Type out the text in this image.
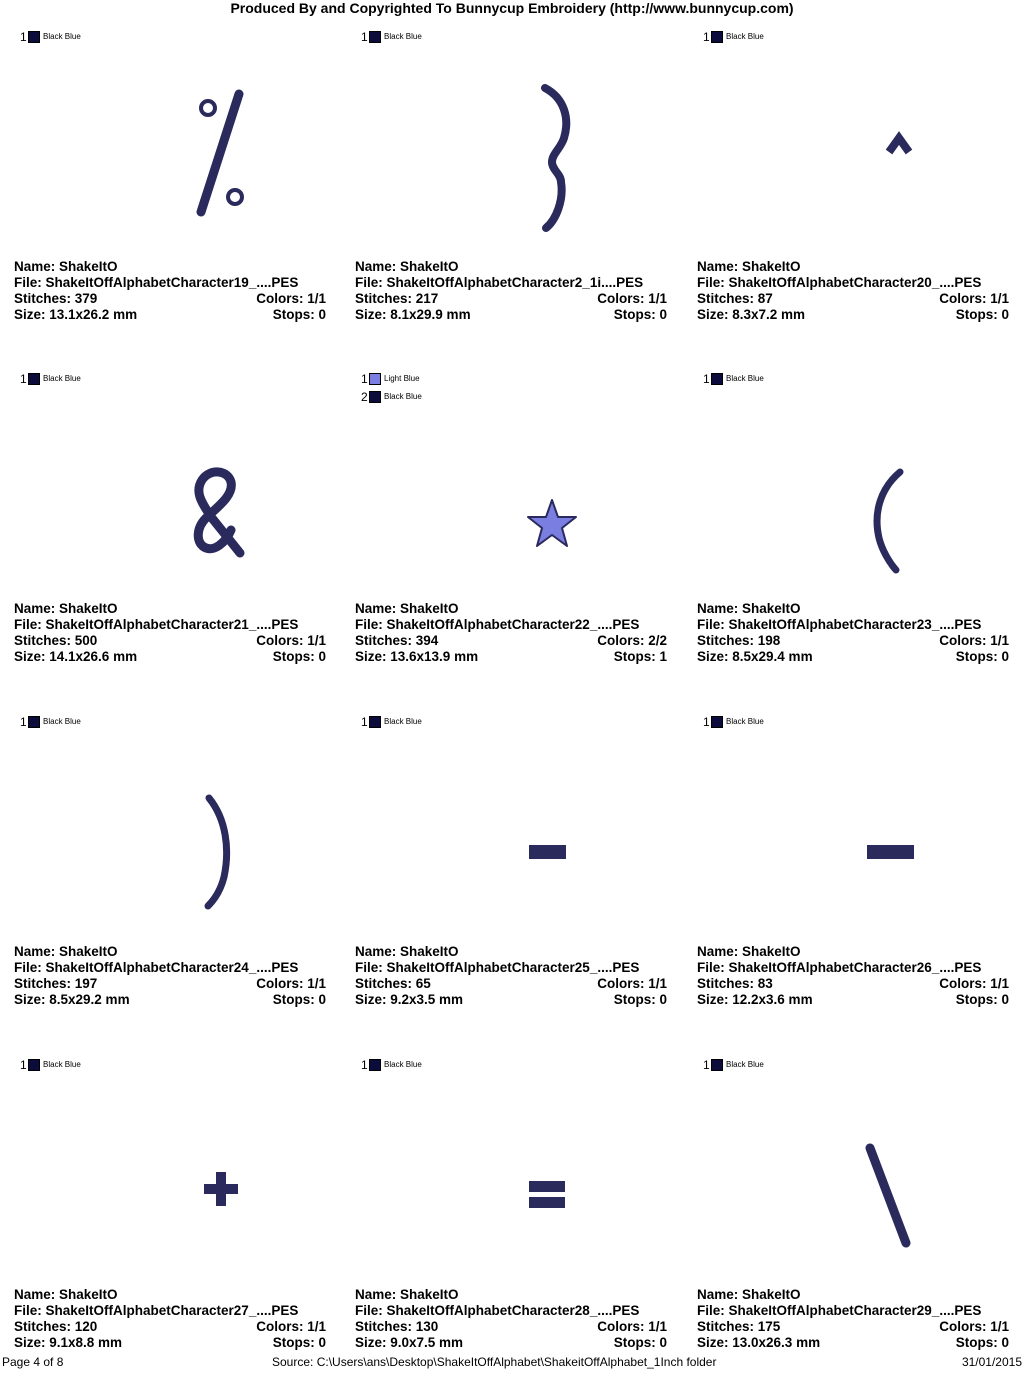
Produced By and Copyrighted To Bunnycup Embroidery (http://www.bunnycup.com)
1 Black Blue
Name: ShakeItO
File: ShakeItOffAlphabetCharacter19_....PES
Stitches: 379	Colors: 1/1
Size: 13.1x26.2 mm	Stops: 0
1 Black Blue
Name: ShakeItO
File: ShakeItOffAlphabetCharacter2_1i....PES
Stitches: 217	Colors: 1/1
Size: 8.1x29.9 mm	Stops: 0
1 Black Blue
Name: ShakeItO
File: ShakeItOffAlphabetCharacter20_....PES
Stitches: 87	Colors: 1/1
Size: 8.3x7.2 mm	Stops: 0
1 Black Blue
Name: ShakeItO
File: ShakeItOffAlphabetCharacter21_....PES
Stitches: 500	Colors: 1/1
Size: 14.1x26.6 mm	Stops: 0
1 Light Blue
2 Black Blue
Name: ShakeItO
File: ShakeItOffAlphabetCharacter22_....PES
Stitches: 394	Colors: 2/2
Size: 13.6x13.9 mm	Stops: 1
1 Black Blue
Name: ShakeItO
File: ShakeItOffAlphabetCharacter23_....PES
Stitches: 198	Colors: 1/1
Size: 8.5x29.4 mm	Stops: 0
1 Black Blue
Name: ShakeItO
File: ShakeItOffAlphabetCharacter24_....PES
Stitches: 197	Colors: 1/1
Size: 8.5x29.2 mm	Stops: 0
1 Black Blue
Name: ShakeItO
File: ShakeItOffAlphabetCharacter25_....PES
Stitches: 65	Colors: 1/1
Size: 9.2x3.5 mm	Stops: 0
1 Black Blue
Name: ShakeItO
File: ShakeItOffAlphabetCharacter26_....PES
Stitches: 83	Colors: 1/1
Size: 12.2x3.6 mm	Stops: 0
1 Black Blue
Name: ShakeItO
File: ShakeItOffAlphabetCharacter27_....PES
Stitches: 120	Colors: 1/1
Size: 9.1x8.8 mm	Stops: 0
1 Black Blue
Name: ShakeItO
File: ShakeItOffAlphabetCharacter28_....PES
Stitches: 130	Colors: 1/1
Size: 9.0x7.5 mm	Stops: 0
1 Black Blue
Name: ShakeItO
File: ShakeItOffAlphabetCharacter29_....PES
Stitches: 175	Colors: 1/1
Size: 13.0x26.3 mm	Stops: 0
Page 4 of 8	Source: C:\Users\ans\Desktop\ShakeItOffAlphabet\ShakeitOffAlphabet_1Inch folder	31/01/2015
